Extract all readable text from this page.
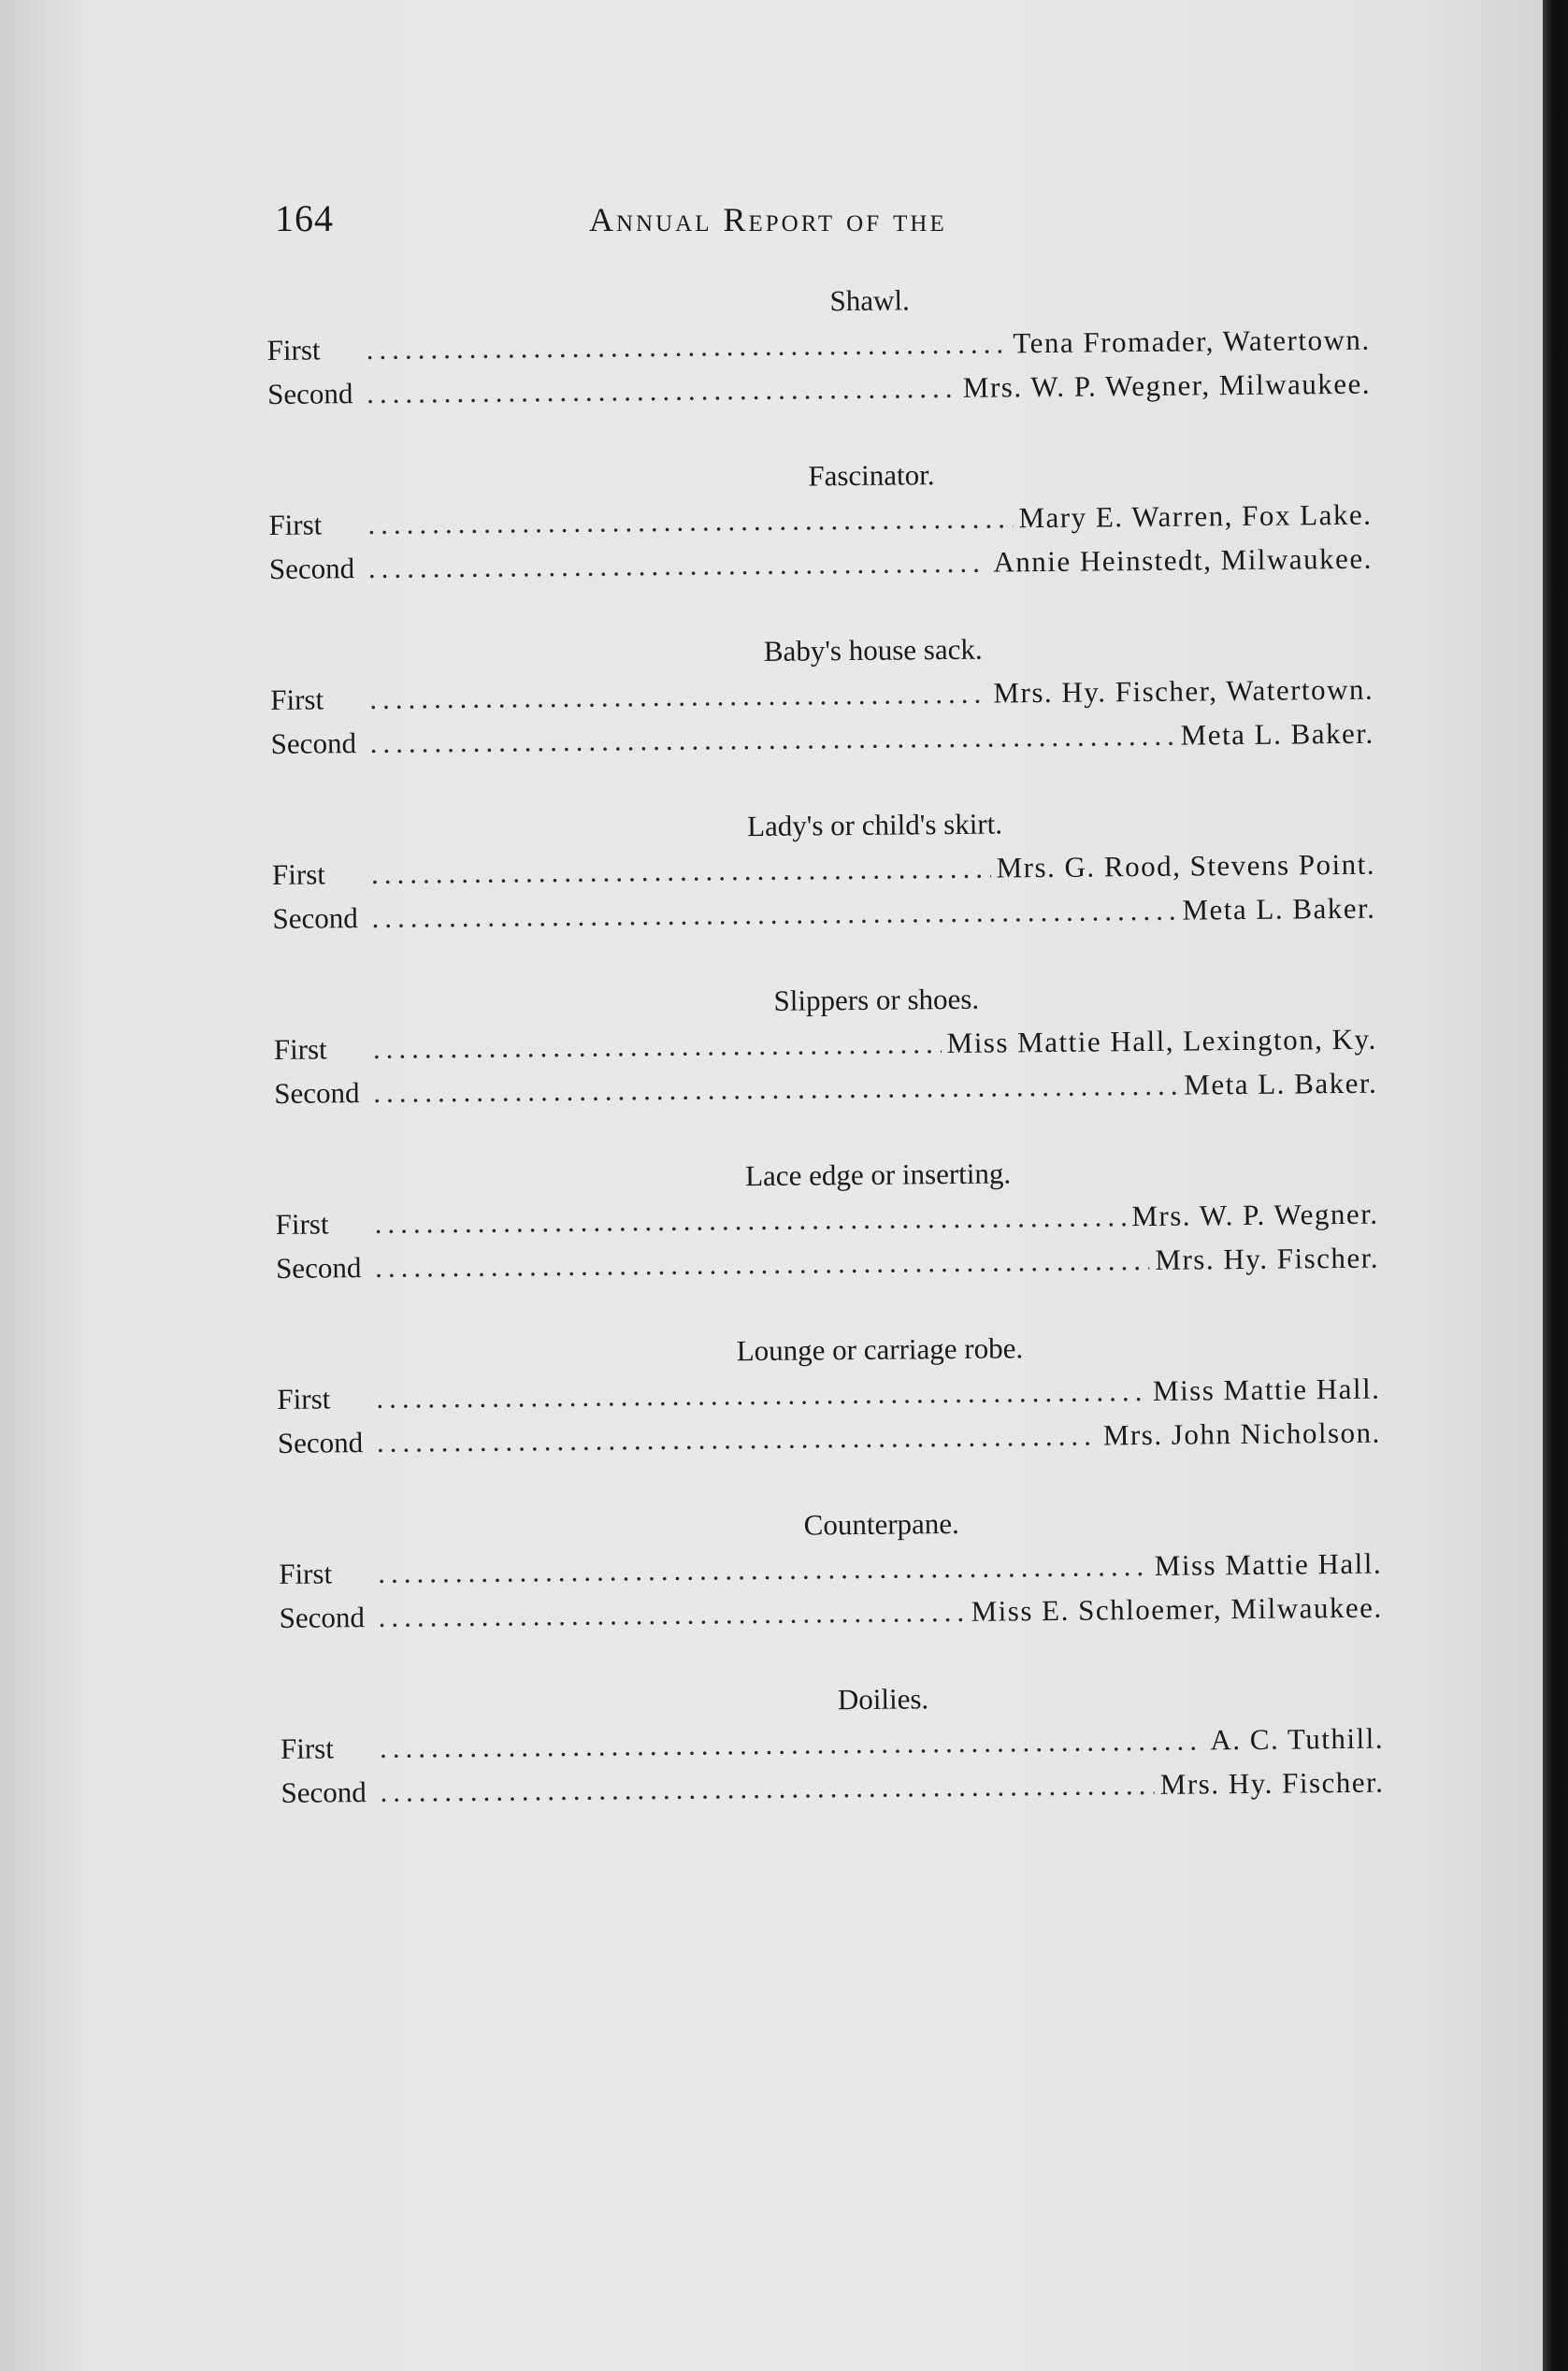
164	Annual Report of the
Shawl.
First .....	Tena Fromader, Watertown.
Second .....	Mrs. W. P. Wegner, Milwaukee.
Fascinator.
First .....	Mary E. Warren, Fox Lake.
Second .....	Annie Heinstedt, Milwaukee.
Baby's house sack.
First .....	Mrs. Hy. Fischer, Watertown.
Second .....	Meta L. Baker.
Lady's or child's skirt.
First .....	Mrs. G. Rood, Stevens Point.
Second .....	Meta L. Baker.
Slippers or shoes.
First .....	Miss Mattie Hall, Lexington, Ky.
Second .....	Meta L. Baker.
Lace edge or inserting.
First .....	Mrs. W. P. Wegner.
Second .....	Mrs. Hy. Fischer.
Lounge or carriage robe.
First .....	Miss Mattie Hall.
Second .....	Mrs. John Nicholson.
Counterpane.
First .....	Miss Mattie Hall.
Second .....	Miss E. Schloemer, Milwaukee.
Doilies.
First .....	A. C. Tuthill.
Second .....	Mrs. Hy. Fischer.
